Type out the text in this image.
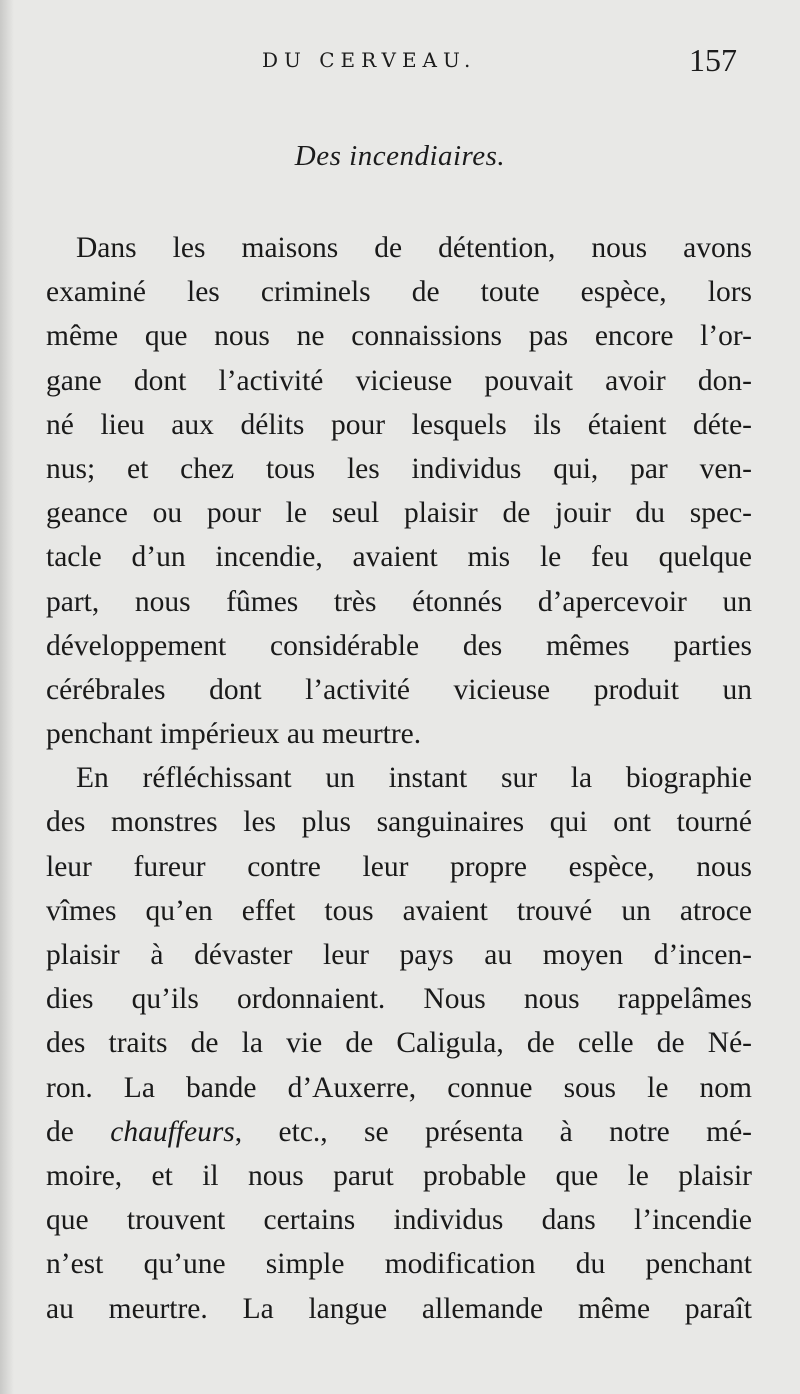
DU CERVEAU.	157
Des incendiaires.
Dans les maisons de détention, nous avons
examiné les criminels de toute espèce, lors
même que nous ne connaissions pas encore l’or-
gane dont l’activité vicieuse pouvait avoir don-
né lieu aux délits pour lesquels ils étaient déte-
nus; et chez tous les individus qui, par ven-
geance ou pour le seul plaisir de jouir du spec-
tacle d’un incendie, avaient mis le feu quelque
part, nous fûmes très étonnés d’apercevoir un
développement considérable des mêmes parties
cérébrales dont l’activité vicieuse produit un
penchant impérieux au meurtre.
En réfléchissant un instant sur la biographie
des monstres les plus sanguinaires qui ont tourné
leur fureur contre leur propre espèce, nous
vîmes qu’en effet tous avaient trouvé un atroce
plaisir à dévaster leur pays au moyen d’incen-
dies qu’ils ordonnaient. Nous nous rappelâmes
des traits de la vie de Caligula, de celle de Né-
ron. La bande d’Auxerre, connue sous le nom
de chauffeurs, etc., se présenta à notre mé-
moire, et il nous parut probable que le plaisir
que trouvent certains individus dans l’incendie
n’est qu’une simple modification du penchant
au meurtre. La langue allemande même paraît
